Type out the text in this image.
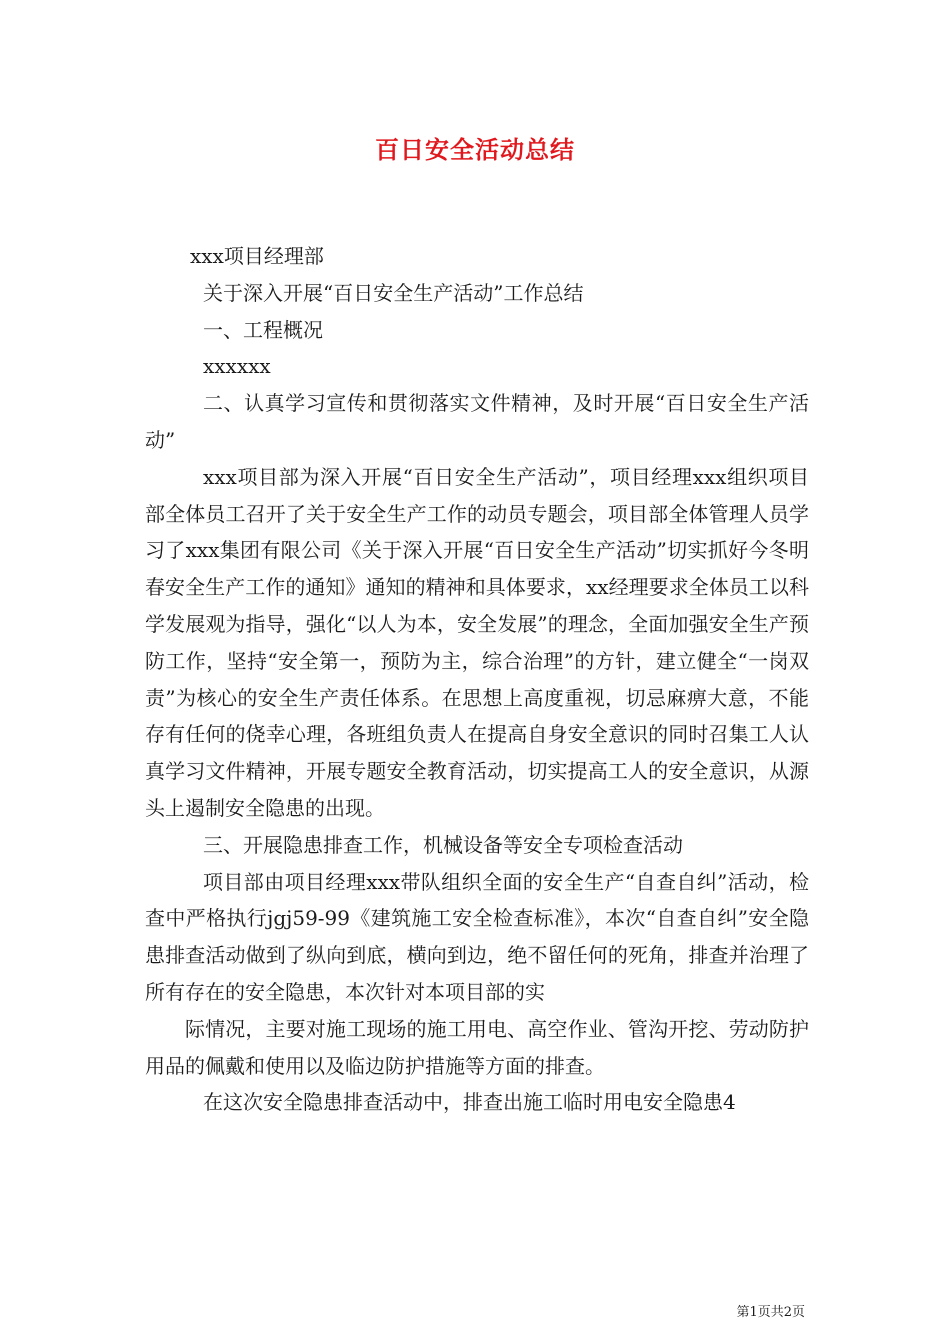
百日安全活动总结

xxx项目经理部

关于深入开展“百日安全生产活动”工作总结

一、工程概况

xxxxxx

二、认真学习宣传和贯彻落实文件精神，及时开展“百日安全生产活动”

xxx项目部为深入开展“百日安全生产活动”，项目经理xxx组织项目部全体员工召开了关于安全生产工作的动员专题会，项目部全体管理人员学习了xxx集团有限公司《关于深入开展“百日安全生产活动”切实抓好今冬明春安全生产工作的通知》通知的精神和具体要求，xx经理要求全体员工以科学发展观为指导，强化“以人为本，安全发展”的理念，全面加强安全生产预防工作，坚持“安全第一，预防为主，综合治理”的方针，建立健全“一岗双责”为核心的安全生产责任体系。在思想上高度重视，切忌麻痹大意，不能存有任何的侥幸心理，各班组负责人在提高自身安全意识的同时召集工人认真学习文件精神，开展专题安全教育活动，切实提高工人的安全意识，从源头上遏制安全隐患的出现。

三、开展隐患排查工作，机械设备等安全专项检查活动

项目部由项目经理xxx带队组织全面的安全生产“自查自纠”活动，检查中严格执行jgj59-99《建筑施工安全检查标准》，本次“自查自纠”安全隐患排查活动做到了纵向到底，横向到边，绝不留任何的死角，排查并治理了所有存在的安全隐患，本次针对本项目部的实

际情况，主要对施工现场的施工用电、高空作业、管沟开挖、劳动防护用品的佩戴和使用以及临边防护措施等方面的排查。

在这次安全隐患排查活动中，排查出施工临时用电安全隐患4

第1页共2页
